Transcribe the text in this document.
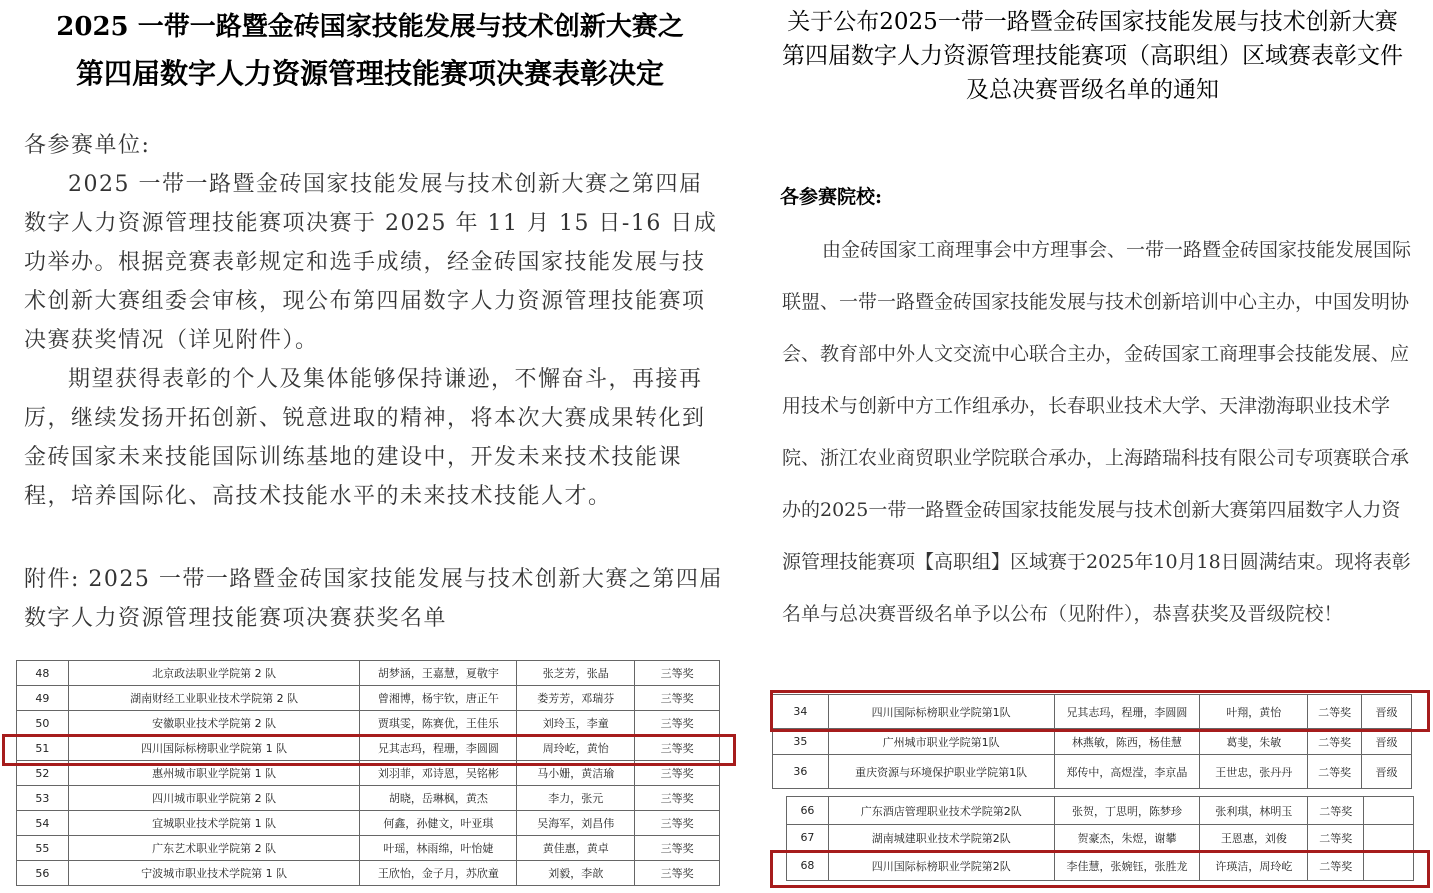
2025 一带一路暨金砖国家技能发展与技术创新大赛之
第四届数字人力资源管理技能赛项决赛表彰决定

各参赛单位:

2025 一带一路暨金砖国家技能发展与技术创新大赛之第四届数字人力资源管理技能赛项决赛于 2025 年 11 月 15 日-16 日成功举办。根据竞赛表彰规定和选手成绩，经金砖国家技能发展与技术创新大赛组委会审核，现公布第四届数字人力资源管理技能赛项决赛获奖情况（详见附件）。

期望获得表彰的个人及集体能够保持谦逊，不懈奋斗，再接再厉，继续发扬开拓创新、锐意进取的精神，将本次大赛成果转化到金砖国家未来技能国际训练基地的建设中，开发未来技术技能课程，培养国际化、高技术技能水平的未来技术技能人才。

附件: 2025 一带一路暨金砖国家技能发展与技术创新大赛之第四届数字人力资源管理技能赛项决赛获奖名单
48	北京政法职业学院第 2 队	胡梦涵，王嘉慧，夏敬宇	张芝芳，张晶	三等奖
49	湖南财经工业职业技术学院第 2 队	曾湘博，杨宇钦，唐正午	娄芳芳，邓瑞芬	三等奖
50	安徽职业技术学院第 2 队	贾琪雯，陈赛优，王佳乐	刘玲玉，李童	三等奖
51	四川国际标榜职业学院第 1 队	兄其志玛，程珊，李圆圆	周玲屹，黄怡	三等奖
52	惠州城市职业学院第 1 队	刘羽菲，邓诗恩，吴铭彬	马小姗，黄洁瑜	三等奖
53	四川城市职业学院第 2 队	胡晓，岳琳枫，黄杰	李力，张元	三等奖
54	宜城职业技术学院第 1 队	何鑫，孙健文，叶亚琪	吴海军，刘昌伟	三等奖
55	广东艺术职业学院第 2 队	叶瑶，林雨绵，叶怡婕	黄佳惠，黄卓	三等奖
56	宁波城市职业技术学院第 1 队	王欣怡，金子月，苏欣童	刘毅，李歆	三等奖
关于公布2025一带一路暨金砖国家技能发展与技术创新大赛
第四届数字人力资源管理技能赛项（高职组）区域赛表彰文件
及总决赛晋级名单的通知
各参赛院校:
由金砖国家工商理事会中方理事会、一带一路暨金砖国家技能发展国际联盟、一带一路暨金砖国家技能发展与技术创新培训中心主办，中国发明协会、教育部中外人文交流中心联合主办，金砖国家工商理事会技能发展、应用技术与创新中方工作组承办，长春职业技术大学、天津渤海职业技术学院、浙江农业商贸职业学院联合承办，上海踏瑞科技有限公司专项赛联合承办的2025一带一路暨金砖国家技能发展与技术创新大赛第四届数字人力资源管理技能赛项【高职组】区域赛于2025年10月18日圆满结束。现将表彰名单与总决赛晋级名单予以公布（见附件），恭喜获奖及晋级院校！
34	四川国际标榜职业学院第1队	兄其志玛，程珊，李圆圆	叶翔，黄怡	二等奖	晋级
35	广州城市职业学院第1队	林燕敏，陈西，杨佳慧	葛斐，朱敏	二等奖	晋级
36	重庆资源与环境保护职业学院第1队	郑传中，高煜滢，李京晶	王世忠，张丹丹	二等奖	晋级
66	广东酒店管理职业技术学院第2队	张贺，丁思明，陈梦珍	张利琪，林明玉	二等奖	
67	湖南城建职业技术学院第2队	贺豪杰，朱煜，谢攀	王恩惠，刘俊	二等奖	
68	四川国际标榜职业学院第2队	李佳慧，张婉钰，张胜龙	许瑛洁，周玲屹	二等奖	
